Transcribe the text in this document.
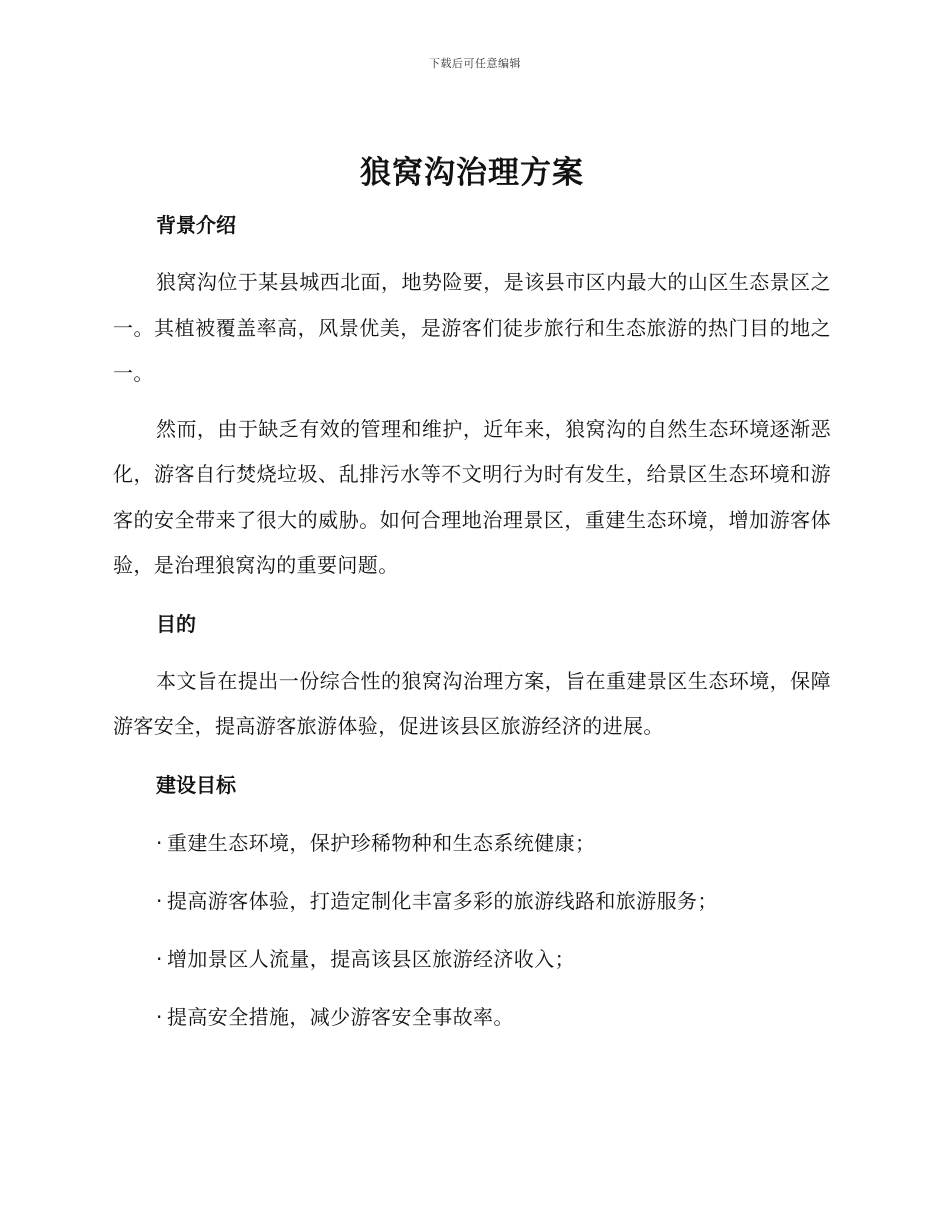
下载后可任意编辑
狼窝沟治理方案
背景介绍

狼窝沟位于某县城西北面，地势险要，是该县市区内最大的山区生态景区之一。其植被覆盖率高，风景优美，是游客们徒步旅行和生态旅游的热门目的地之一。

然而，由于缺乏有效的管理和维护，近年来，狼窝沟的自然生态环境逐渐恶化，游客自行焚烧垃圾、乱排污水等不文明行为时有发生，给景区生态环境和游客的安全带来了很大的威胁。如何合理地治理景区，重建生态环境，增加游客体验，是治理狼窝沟的重要问题。

目的

本文旨在提出一份综合性的狼窝沟治理方案，旨在重建景区生态环境，保障游客安全，提高游客旅游体验，促进该县区旅游经济的进展。

建设目标
· 重建生态环境，保护珍稀物种和生态系统健康；
· 提高游客体验，打造定制化丰富多彩的旅游线路和旅游服务；
· 增加景区人流量，提高该县区旅游经济收入；
· 提高安全措施，减少游客安全事故率。
